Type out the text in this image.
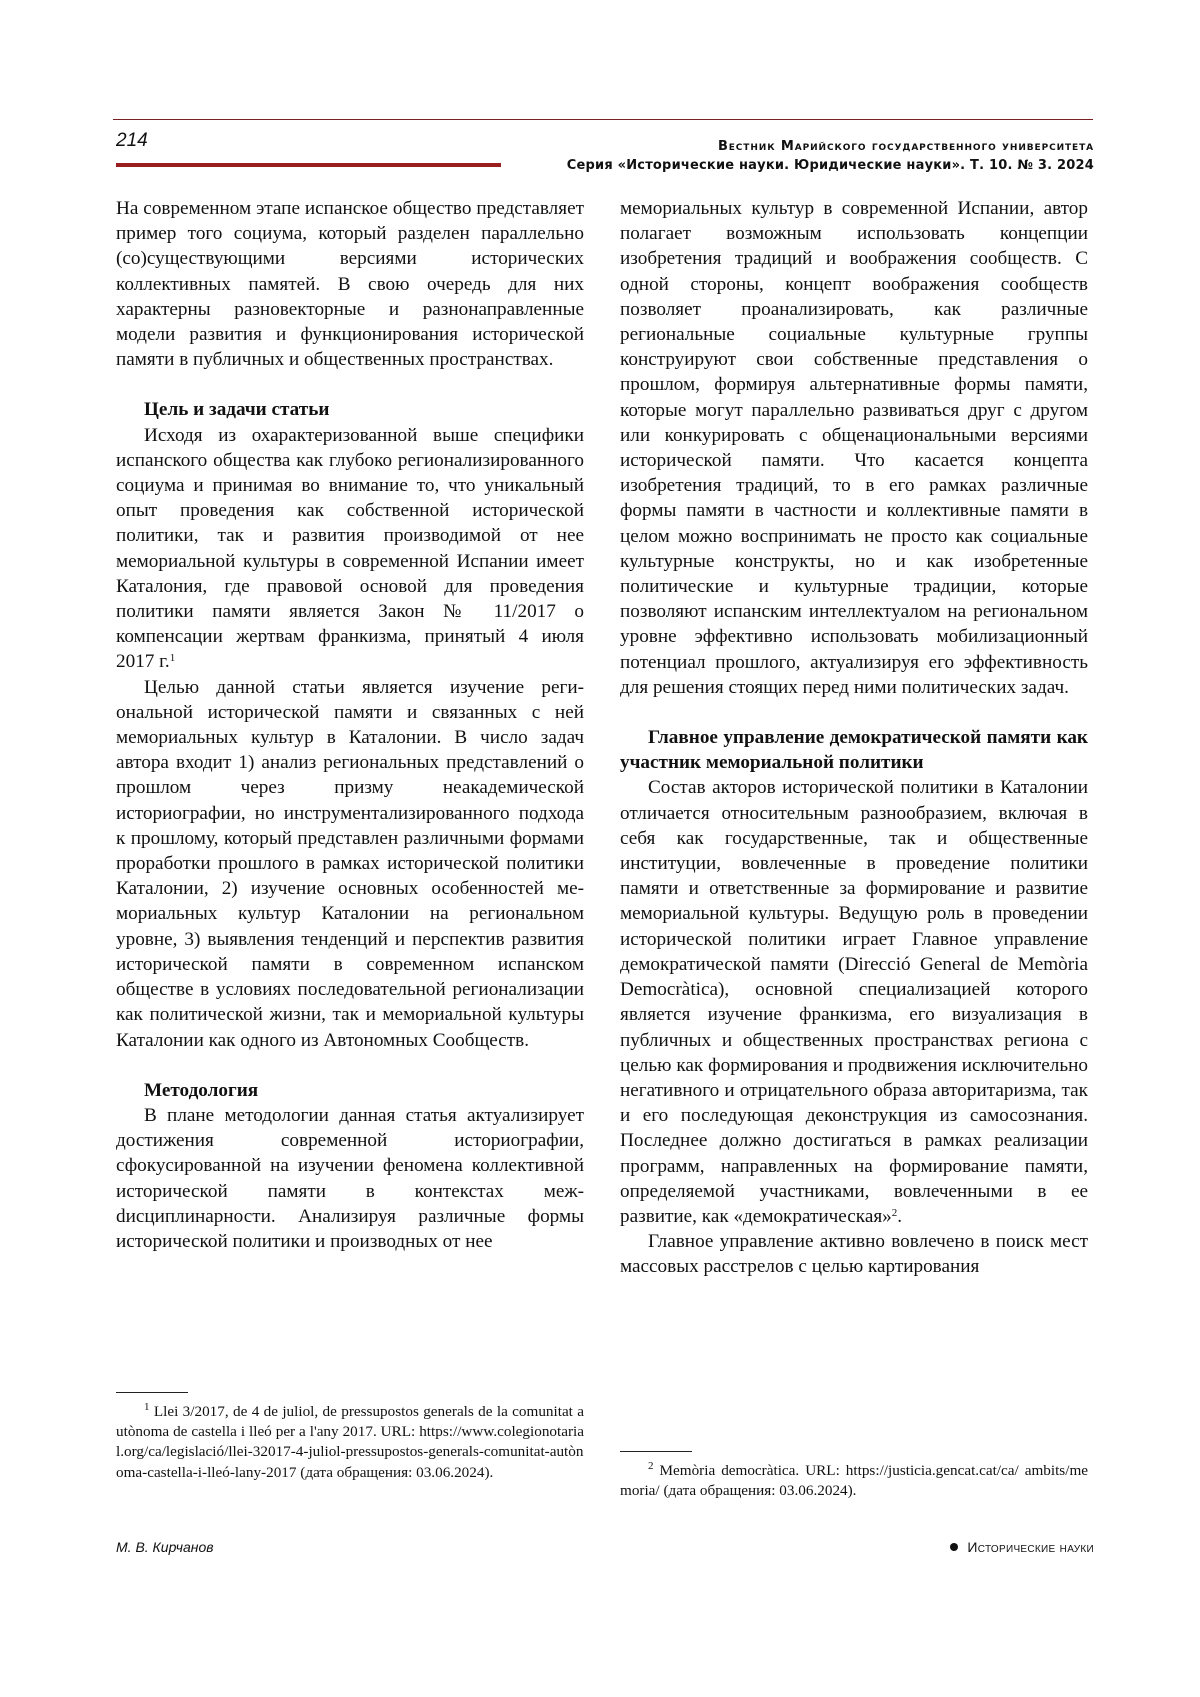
214	Вестник Марийского государственного университета

Серия «Исторические науки. Юридические науки». Т. 10. № 3. 2024

На современном этапе испанское общество представляет пример того социума, который разделен параллельно (со)существующими версиями исторических коллективных памятей. В свою очередь для них характерны разновекторные и разнонаправленные модели развития и функционирования исторической памяти в публичных и общественных пространствах.

Цель и задачи статьи

Исходя из охарактеризованной выше специфики испанского общества как глубоко регионализированного социума и принимая во внимание то, что уникальный опыт проведения как собственной исторической политики, так и развития производимой от нее мемориальной культуры в современной Испании имеет Каталония, где правовой основой для проведения политики памяти является Закон № 11/2017 о компенсации жертвам франкизма, принятый 4 июля 2017 г.$^1$

Целью данной статьи является изучение региональной исторической памяти и связанных с ней мемориальных культур в Каталонии. В число задач автора входит 1) анализ региональных представлений о прошлом через призму неакадемической историографии, но инструментализированного подхода к прошлому, который представлен различными формами проработки прошлого в рамках исторической политики Каталонии, 2) изучение основных особенностей мемориальных культур Каталонии на региональном уровне, 3) выявления тенденций и перспектив развития исторической памяти в современном испанском обществе в условиях последовательной регионализации как политической жизни, так и мемориальной культуры Каталонии как одного из Автономных Сообществ.

Методология

В плане методологии данная статья актуализирует достижения современной историографии, сфокусированной на изучении феномена коллективной исторической памяти в контекстах межdисциплинарности. Анализируя различные формы исторической политики и производных от нее

мемориальных культур в современной Испании, автор полагает возможным использовать концепции изобретения традиций и воображения сообществ. С одной стороны, концепт воображения сообществ позволяет проанализировать, как различные региональные социальные культурные группы конструируют свои собственные представления о прошлом, формируя альтернативные формы памяти, которые могут параллельно развиваться друг с другом или конкурировать с общенациональными версиями исторической памяти. Что касается концепта изобретения традиций, то в его рамках различные формы памяти в частности и коллективные памяти в целом можно воспринимать не просто как социальные культурные конструкты, но и как изобретенные политические и культурные традиции, которые позволяют испанским интеллектуалом на региональном уровне эффективно использовать мобилизационный потенциал прошлого, актуализируя его эффективность для решения стоящих перед ними политических задач.

Главное управление демократической памяти как участник мемориальной политики

Состав акторов исторической политики в Каталонии отличается относительным разнообразием, включая в себя как государственные, так и общественные институции, вовлеченные в проведение политики памяти и ответственные за формирование и развитие мемориальной культуры. Ведущую роль в проведении исторической политики играет Главное управление демократической памяти (Direcció General de Memòria Democràtica), основной специализацией которого является изучение франкизма, его визуализация в публичных и общественных пространствах региона с целью как формирования и продвижения исключительно негативного и отрицательного образа авторитаризма, так и его последующая деконструкция из самосознания. Последнее должно достигаться в рамках реализации программ, направленных на формирование памяти, определяемой участниками, вовлеченными в ее развитие, как «демократическая»$^2$.

Главное управление активно вовлечено в поиск мест массовых расстрелов с целью картирования

$^1$ Llei 3/2017, de 4 de juliol, de pressupostos generals de la comunitat autònoma de castella i lleó per a l'any 2017. URL: https://www.colegionotarial.org/ca/legislació/llei-32017-4-juliol-pressupostos-generals-comunitat-autònoma-castella-i-lleó-lany-2017 (дата обращения: 03.06.2024).	$^2$ Memòria democràtica. URL: https://justicia.gencat.cat/ca/ ambits/memoria/ (дата обращения: 03.06.2024).

М. В. Кирчанов	Исторические науки
